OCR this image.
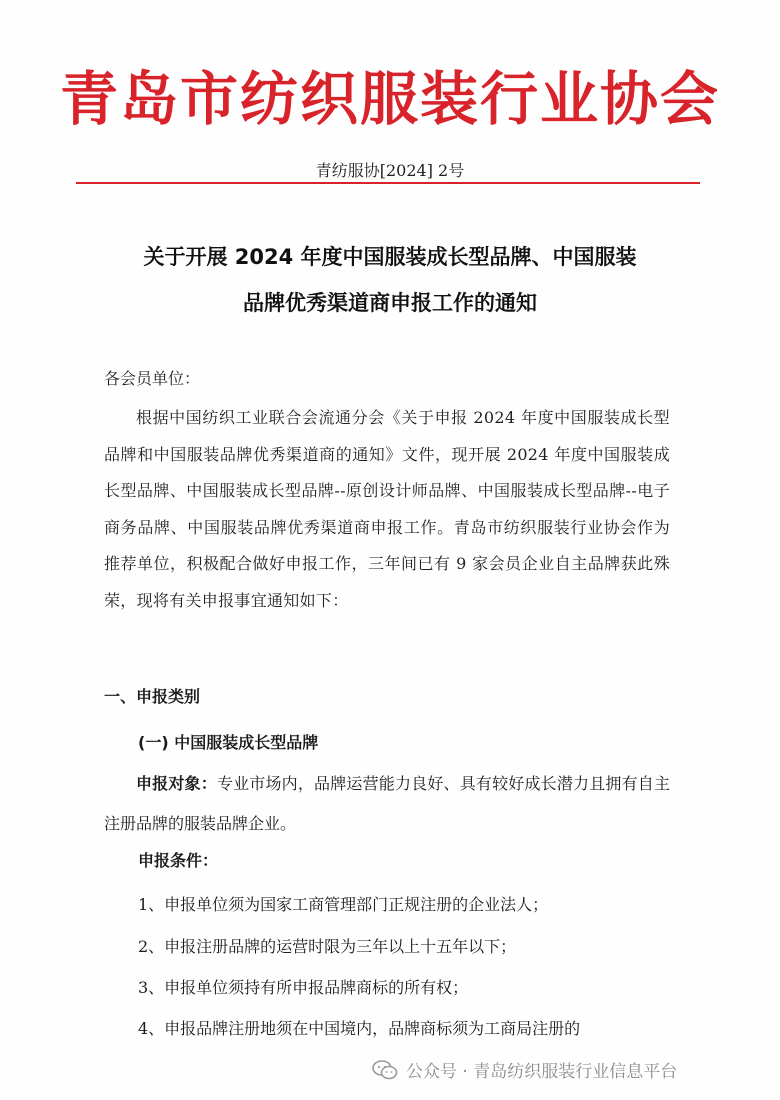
青岛市纺织服装行业协会
青纺服协[2024] 2号
关于开展 2024 年度中国服装成长型品牌、中国服装
品牌优秀渠道商申报工作的通知
各会员单位：
根据中国纺织工业联合会流通分会《关于申报 2024 年度中国服装成长型品牌和中国服装品牌优秀渠道商的通知》文件，现开展 2024 年度中国服装成长型品牌、中国服装成长型品牌--原创设计师品牌、中国服装成长型品牌--电子商务品牌、中国服装品牌优秀渠道商申报工作。青岛市纺织服装行业协会作为推荐单位，积极配合做好申报工作，三年间已有 9 家会员企业自主品牌获此殊荣，现将有关申报事宜通知如下：
一、申报类别
(一) 中国服装成长型品牌
申报对象：专业市场内，品牌运营能力良好、具有较好成长潜力且拥有自主注册品牌的服装品牌企业。
申报条件：
1、申报单位须为国家工商管理部门正规注册的企业法人；
2、申报注册品牌的运营时限为三年以上十五年以下；
3、申报单位须持有所申报品牌商标的所有权；
4、申报品牌注册地须在中国境内，品牌商标须为工商局注册的
公众号 · 青岛纺织服装行业信息平台
